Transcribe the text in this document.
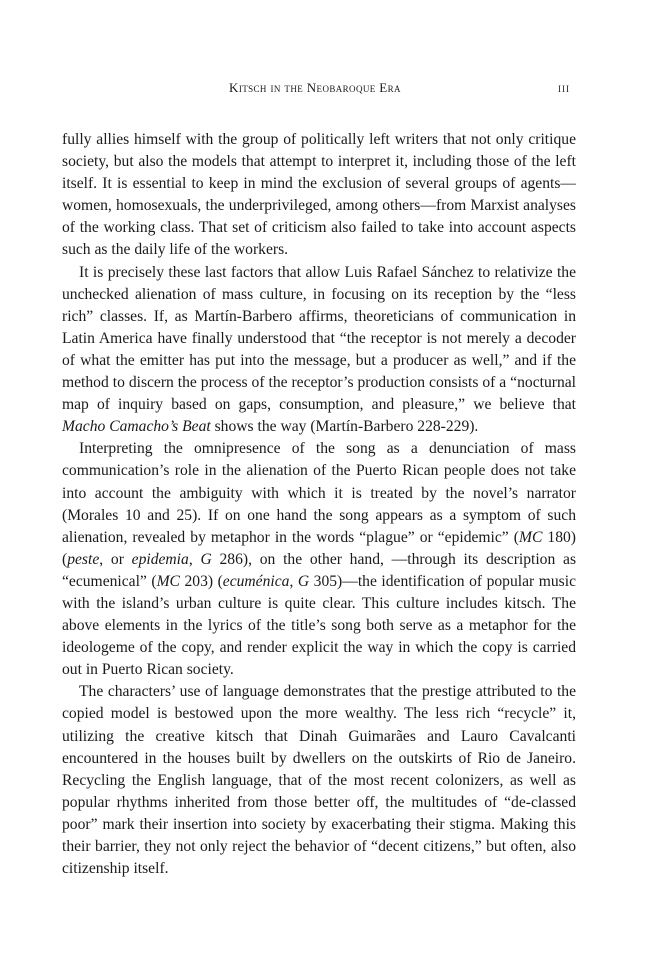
Kitsch in the Neobaroque Era	iii

fully allies himself with the group of politically left writers that not only critique society, but also the models that attempt to interpret it, including those of the left itself. It is essential to keep in mind the exclusion of several groups of agents—women, homosexuals, the underprivileged, among others—from Marxist analyses of the working class. That set of criticism also failed to take into account aspects such as the daily life of the workers.

It is precisely these last factors that allow Luis Rafael Sánchez to relativize the unchecked alienation of mass culture, in focusing on its reception by the “less rich” classes. If, as Martín-Barbero affirms, theoreticians of communication in Latin America have finally understood that “the receptor is not merely a decoder of what the emitter has put into the message, but a producer as well,” and if the method to discern the process of the receptor’s production consists of a “nocturnal map of inquiry based on gaps, consumption, and pleasure,” we believe that Macho Camacho’s Beat shows the way (Martín-Barbero 228-229).

Interpreting the omnipresence of the song as a denunciation of mass communication’s role in the alienation of the Puerto Rican people does not take into account the ambiguity with which it is treated by the novel’s narrator (Morales 10 and 25). If on one hand the song appears as a symptom of such alienation, revealed by metaphor in the words “plague” or “epidemic” (MC 180) (peste, or epidemia, G 286), on the other hand, —through its description as “ecumenical” (MC 203) (ecuménica, G 305)—the identification of popular music with the island’s urban culture is quite clear. This culture includes kitsch. The above elements in the lyrics of the title’s song both serve as a metaphor for the ideologeme of the copy, and render explicit the way in which the copy is carried out in Puerto Rican society.

The characters’ use of language demonstrates that the prestige attributed to the copied model is bestowed upon the more wealthy. The less rich “recycle” it, utilizing the creative kitsch that Dinah Guimarães and Lauro Cavalcanti encountered in the houses built by dwellers on the outskirts of Rio de Janeiro. Recycling the English language, that of the most recent colonizers, as well as popular rhythms inherited from those better off, the multitudes of “de-classed poor” mark their insertion into society by exacerbating their stigma. Making this their barrier, they not only reject the behavior of “decent citizens,” but often, also citizenship itself.
